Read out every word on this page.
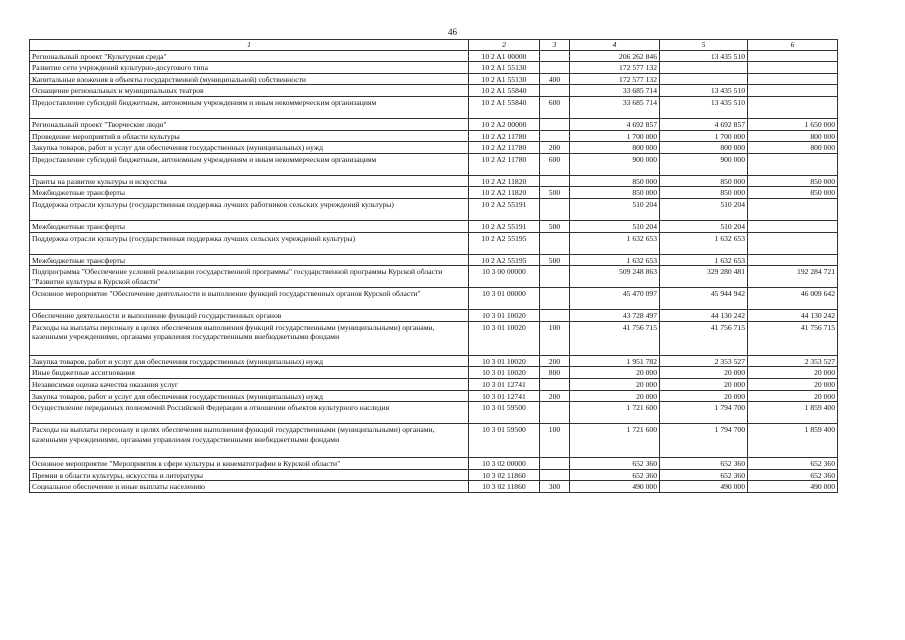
46
1	2	3	4	5	6
Региональный проект "Культурная среда"	10 2 A1 00000		206 262 846	13 435 510	
Развитие сети учреждений культурно-досугового типа	10 2 A1 55130		172 577 132		
Капитальные вложения в объекты государственной (муниципальной) собственности	10 2 A1 55130	400	172 577 132		
Оснащение региональных и муниципальных театров	10 2 A1 55840		33 685 714	13 435 510	
Предоставление субсидий бюджетным, автономным учреждениям и иным некоммерческим организациям	10 2 A1 55840	600	33 685 714	13 435 510	
Региональный проект "Творческие люди"	10 2 A2 00000		4 692 857	4 692 857	1 650 000
Проведение мероприятий в области культуры	10 2 A2 11780		1 700 000	1 700 000	800 000
Закупка товаров, работ и услуг для обеспечения государственных (муниципальных) нужд	10 2 A2 11780	200	800 000	800 000	800 000
Предоставление субсидий бюджетным, автономным учреждениям и иным некоммерческим организациям	10 2 A2 11780	600	900 000	900 000	
Гранты на развитие культуры и искусства	10 2 A2 11820		850 000	850 000	850 000
Межбюджетные трансферты	10 2 A2 11820	500	850 000	850 000	850 000
Поддержка отрасли культуры (государственная поддержка лучших работников сельских учреждений культуры)	10 2 A2 55191		510 204	510 204	
Межбюджетные трансферты	10 2 A2 55191	500	510 204	510 204	
Поддержка отрасли культуры (государственная поддержка лучших сельских учреждений культуры)	10 2 A2 55195		1 632 653	1 632 653	
Межбюджетные трансферты	10 2 A2 55195	500	1 632 653	1 632 653	
Подпрограмма "Обеспечение условий реализации государственной программы" государственной программы Курской области "Развитие культуры в Курской области"	10 3 00 00000		509 248 863	329 280 481	192 284 721
Основное мероприятие "Обеспечение деятельности и выполнение функций государственных органов Курской области"	10 3 01 00000		45 470 097	45 944 942	46 009 642
Обеспечение деятельности и выполнение функций государственных органов	10 3 01 10020		43 728 497	44 130 242	44 130 242
Расходы на выплаты персоналу в целях обеспечения выполнения функций государственными (муниципальными) органами, казенными учреждениями, органами управления государственными внебюджетными фондами	10 3 01 10020	100	41 756 715	41 756 715	41 756 715
Закупка товаров, работ и услуг для обеспечения государственных (муниципальных) нужд	10 3 01 10020	200	1 951 782	2 353 527	2 353 527
Иные бюджетные ассигнования	10 3 01 10020	800	20 000	20 000	20 000
Независимая оценка качества оказания услуг	10 3 01 12741		20 000	20 000	20 000
Закупка товаров, работ и услуг для обеспечения государственных (муниципальных) нужд	10 3 01 12741	200	20 000	20 000	20 000
Осуществление переданных полномочий Российской Федерации в отношении объектов культурного наследия	10 3 01 59500		1 721 600	1 794 700	1 859 400
Расходы на выплаты персоналу в целях обеспечения выполнения функций государственными (муниципальными) органами, казенными учреждениями, органами управления государственными внебюджетными фондами	10 3 01 59500	100	1 721 600	1 794 700	1 859 400
Основное мероприятие "Мероприятия в сфере культуры и кинематографии в Курской области"	10 3 02 00000		652 360	652 360	652 360
Премии в области культуры, искусства и литературы	10 3 02 11860		652 360	652 360	652 360
Социальное обеспечение и иные выплаты населению	10 3 02 11860	300	490 000	490 000	490 000
